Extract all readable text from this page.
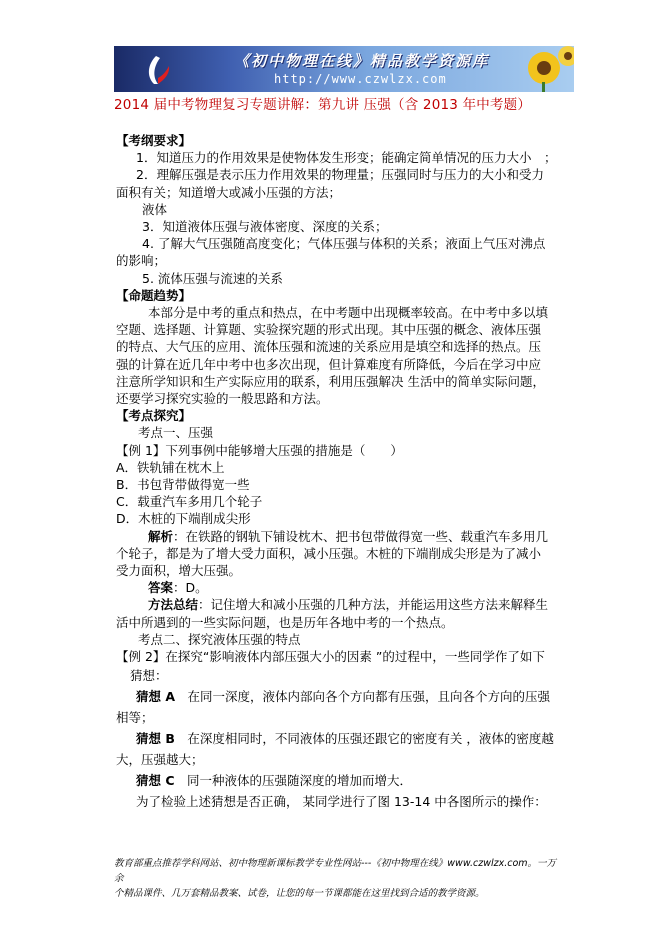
《初中物理在线》精品教学资源库
http://www.czwlzx.com
2014 届中考物理复习专题讲解：第九讲 压强（含 2013 年中考题）

【考纲要求】

1．知道压力的作用效果是使物体发生形变；能确定简单情况的压力大小　；

2．理解压强是表示压力作用效果的物理量；压强同时与压力的大小和受力

面积有关；知道增大或减小压强的方法；

液体

3．知道液体压强与液体密度、深度的关系；

4. 了解大气压强随高度变化；气体压强与体积的关系；液面上气压对沸点

的影响；

5. 流体压强与流速的关系

【命题趋势】

本部分是中考的重点和热点，在中考题中出现概率较高。在中考中多以填

空题、选择题、计算题、实验探究题的形式出现。其中压强的概念、液体压强

的特点、大气压的应用、流体压强和流速的关系应用是填空和选择的热点。压

强的计算在近几年中考中也多次出现，但计算难度有所降低，今后在学习中应

注意所学知识和生产实际应用的联系，利用压强解决 生活中的简单实际问题，

还要学习探究实验的一般思路和方法。

【考点探究】

考点一、压强

【例 1】下列事例中能够增大压强的措施是（　　）

A．铁轨铺在枕木上

B．书包背带做得宽一些

C．载重汽车多用几个轮子

D．木桩的下端削成尖形

解析：在铁路的钢轨下铺设枕木、把书包带做得宽一些、载重汽车多用几

个轮子，都是为了增大受力面积，减小压强。木桩的下端削成尖形是为了减小

受力面积，增大压强。

答案：D。

方法总结：记住增大和减小压强的几种方法，并能运用这些方法来解释生

活中所遇到的一些实际问题，也是历年各地中考的一个热点。

考点二、探究液体压强的特点

【例 2】在探究“影响液体内部压强大小的因素 ”的过程中，一些同学作了如下

猜想：

猜想 A　在同一深度，液体内部向各个方向都有压强，且向各个方向的压强

相等；

猜想 B　在深度相同时，不同液体的压强还跟它的密度有关 ，液体的密度越

大，压强越大；

猜想 C　同一种液体的压强随深度的增加而增大．

为了检验上述猜想是否正确， 某同学进行了图 13-14 中各图所示的操作：

教育部重点推荐学科网站、初中物理新课标教学专业性网站---《初中物理在线》www.czwlzx.com。一万余
个精品课件、几万套精品教案、试卷，让您的每一节课都能在这里找到合适的教学资源。
